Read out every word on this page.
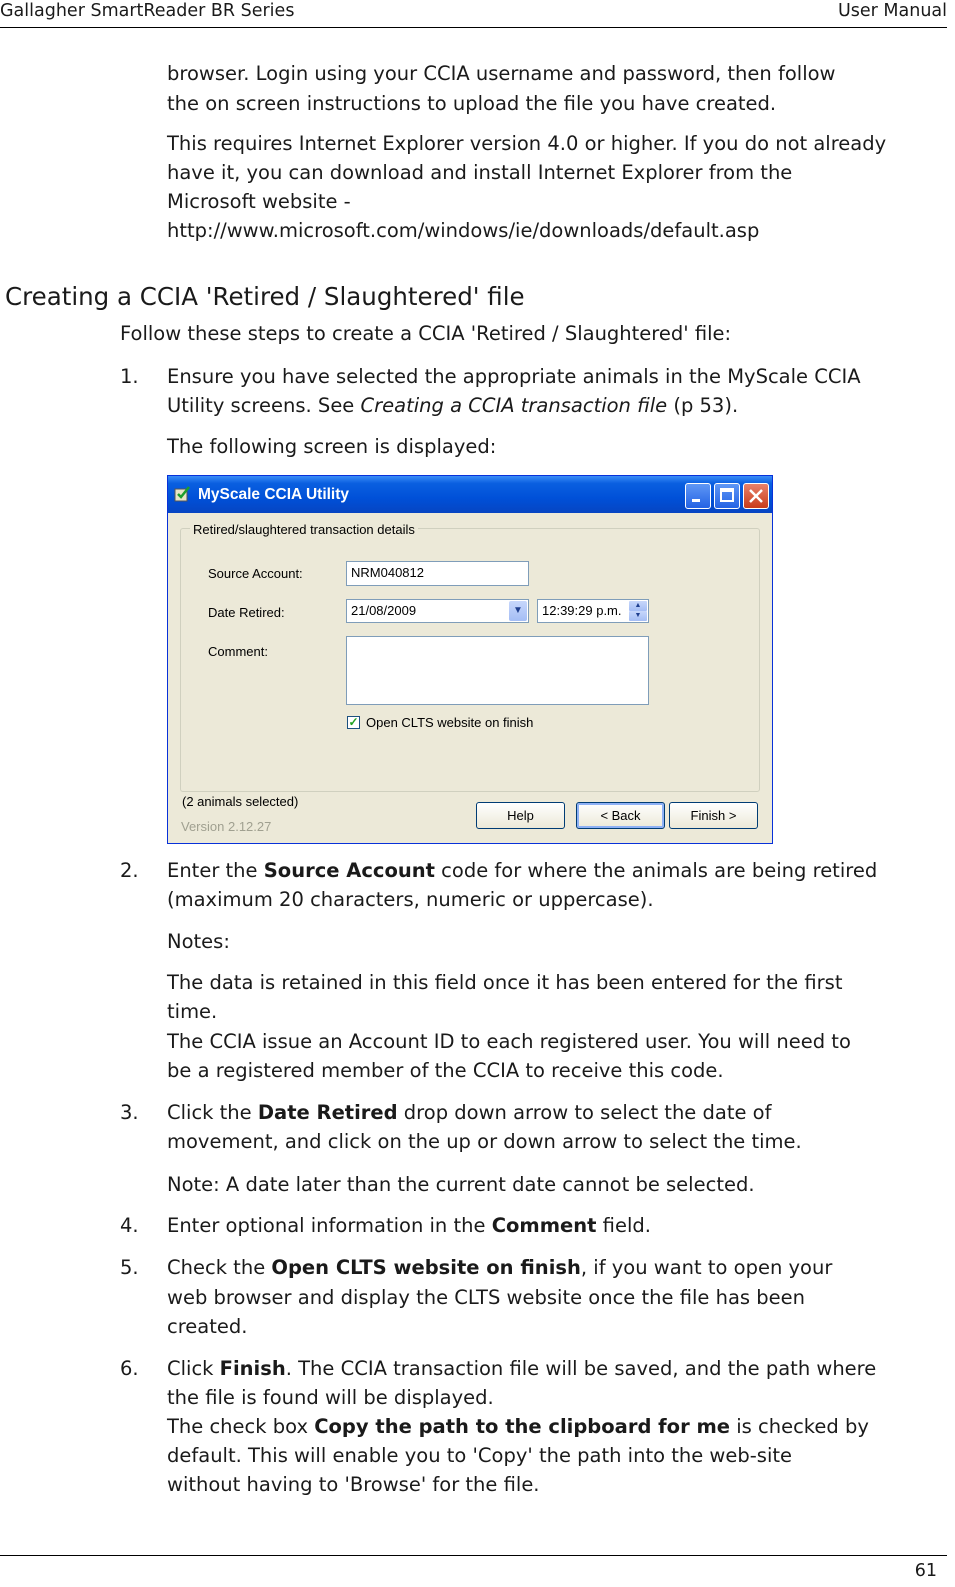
Gallagher SmartReader BR Series	User Manual
browser. Login using your CCIA username and password, then follow
the on screen instructions to upload the file you have created.
This requires Internet Explorer version 4.0 or higher. If you do not already
have it, you can download and install Internet Explorer from the
Microsoft website -
http://www.microsoft.com/windows/ie/downloads/default.asp
Creating a CCIA 'Retired / Slaughtered' file
Follow these steps to create a CCIA 'Retired / Slaughtered' file:
1. Ensure you have selected the appropriate animals in the MyScale CCIA
Utility screens. See Creating a CCIA transaction file (p 53).
The following screen is displayed:
MyScale CCIA Utility
Retired/slaughtered transaction details
Source Account:	NRM040812
Date Retired:	21/08/2009	▼	12:39:29 p.m.	▲
▼
Comment:
✓ Open CLTS website on finish
(2 animals selected)
Version 2.12.27
Help	< Back	Finish >
2. Enter the Source Account code for where the animals are being retired
(maximum 20 characters, numeric or uppercase).
Notes:
The data is retained in this field once it has been entered for the first
time.
The CCIA issue an Account ID to each registered user. You will need to
be a registered member of the CCIA to receive this code.
3. Click the Date Retired drop down arrow to select the date of
movement, and click on the up or down arrow to select the time.
Note: A date later than the current date cannot be selected.
4. Enter optional information in the Comment field.
5. Check the Open CLTS website on finish, if you want to open your
web browser and display the CLTS website once the file has been
created.
6. Click Finish. The CCIA transaction file will be saved, and the path where
the file is found will be displayed.
The check box Copy the path to the clipboard for me is checked by
default. This will enable you to 'Copy' the path into the web-site
without having to 'Browse' for the file.
61
